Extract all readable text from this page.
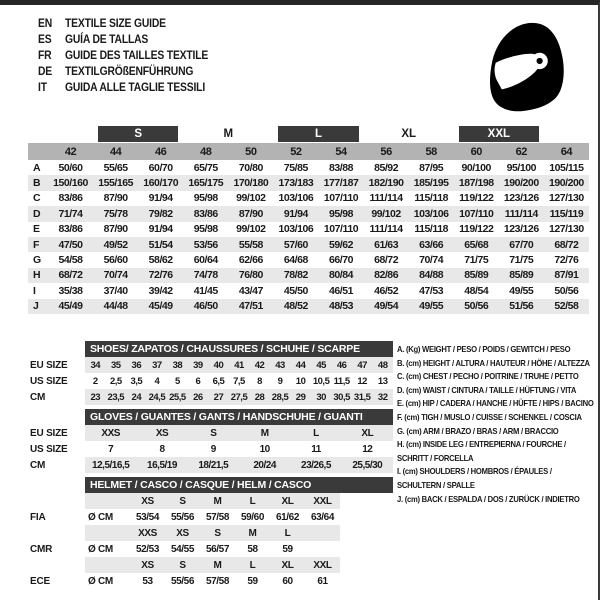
EN	TEXTILE SIZE GUIDE
ES	GUÍA DE TALLAS
FR	GUIDE DES TAILLES TEXTILE
DE	TEXTILGRÖßENFÜHRUNG
IT	GUIDA ALLE TAGLIE TESSILI
S	M	L	XL	XXL
42	44	46	48	50	52	54	56	58	60	62	64
A	50/60	55/65	60/70	65/75	70/80	75/85	83/88	85/92	87/95	90/100	95/100	105/115
B	150/160 155/165 160/170 165/175 170/180 173/183 177/187 182/190 185/195 187/198 190/200 190/200
C	83/86	87/90	91/94	95/98	99/102	103/106	107/110	111/114	115/118	119/122	123/126 127/130
D	71/74	75/78	79/82	83/86	87/90	91/94	95/98	99/102	103/106	107/110	111/114	115/119
E	83/86	87/90	91/94	95/98	99/102	103/106	107/110	111/114	115/118	119/122	123/126 127/130
F	47/50	49/52	51/54	53/56	55/58	57/60	59/62	61/63	63/66	65/68	67/70	68/72
G	54/58	56/60	58/62	60/64	62/66	64/68	66/70	68/72	70/74	71/75	71/75	72/76
H	68/72	70/74	72/76	74/78	76/80	78/82	80/84	82/86	84/88	85/89	85/89	87/91
I	35/38	37/40	39/42	41/45	43/47	45/50	46/51	46/52	47/53	48/54	49/55	50/56
J	45/49	44/48	45/49	46/50	47/51	48/52	48/53	49/54	49/55	50/56	51/56	52/58
SHOES/ ZAPATOS / CHAUSSURES / SCHUHE / SCARPE
EU SIZE	34	35	36	37	38	39	40	41	42	43	44	45	46	47	48
US SIZE	2	2,5 3,5	4	5	6	6,5 7,5	8	9	10 10,5 11,5 12	13
CM	23 23,5 24 24,5 25,5 26	27 27,5 28 28,5 29	30 30,5 31,5 32
GLOVES / GUANTES / GANTS / HANDSCHUHE / GUANTI
EU SIZE	XXS	XS	S	M	L	XL
US SIZE	7	8	9	10	11	12
CM	12,5/16,5	16,5/19	18/21,5	20/24	23/26,5	25,5/30
HELMET / CASCO / CASQUE / HELM / CASCO
XS	S	M	L	XL	XXL
FIA	Ø CM	53/54	55/56	57/58	59/60	61/62	63/64
XXS	XS	S	M	L
CMR	Ø CM	52/53	54/55	56/57	58	59
XS	S	M	L	XL	XXL
ECE	Ø CM	53	55/56	57/58	59	60	61
A. (Kg) WEIGHT / PESO / POIDS / GEWITCH / PESO
B. (cm) HEIGHT / ALTURA / HAUTEUR / HÖHE / ALTEZZA
C. (cm) CHEST / PECHO / POITRINE / TRUHE / PETTO
D. (cm) WAIST / CINTURA / TAILLE / HÜFTUNG / VITA
E. (cm) HIP / CADERA / HANCHE / HÜFTE / HIPS / BACINO
F. (cm) TIGH / MUSLO / CUISSE / SCHENKEL / COSCIA
G. (cm) ARM / BRAZO / BRAS / ARM / BRACCIO
H. (cm) INSIDE LEG / ENTREPIERNA / FOURCHE / SCHRITT / FORCELLA
I. (cm) SHOULDERS / HOMBROS / ÉPAULES / SCHULTERN / SPALLE
J. (cm) BACK / ESPALDA / DOS / ZURÜCK / INDIETRO
